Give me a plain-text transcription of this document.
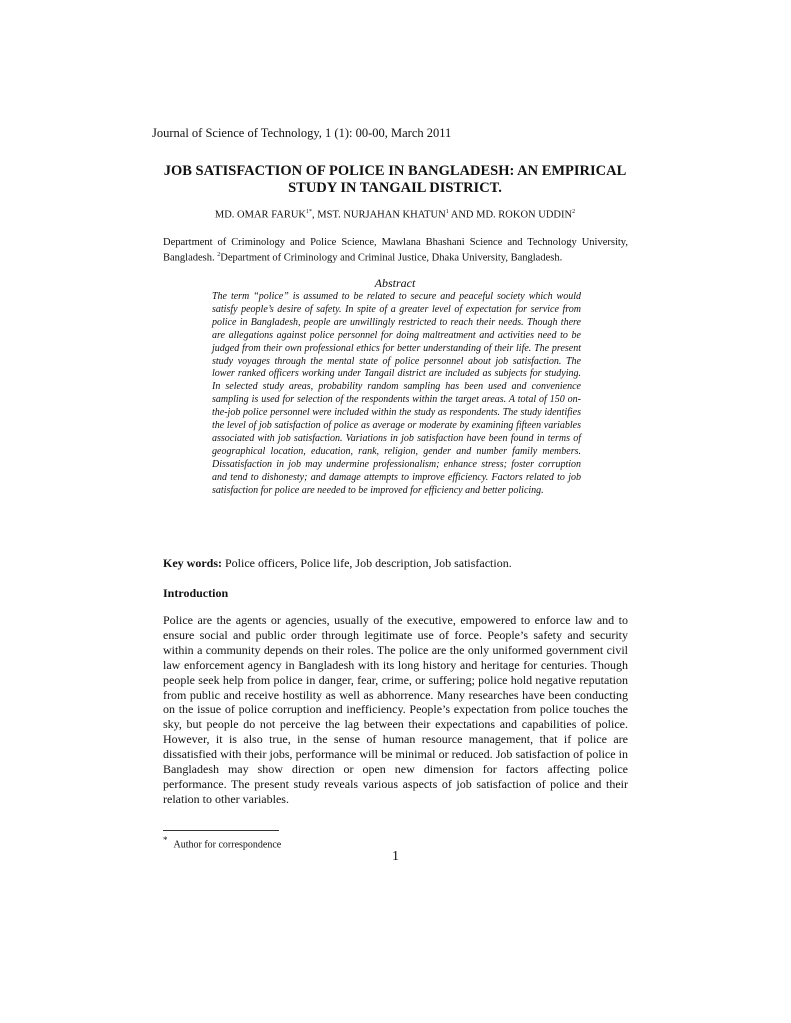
Journal of Science of Technology, 1 (1): 00-00, March 2011
JOB SATISFACTION OF POLICE IN BANGLADESH: AN EMPIRICAL STUDY IN TANGAIL DISTRICT.
MD. OMAR $FARUK^{1*}$, MST. NURJAHAN KHATUN$^1$ AND MD. ROKON UDDIN$^2$
Department of Criminology and Police Science, Mawlana Bhashani Science and Technology University, Bangladesh. $^2$Department of Criminology and Criminal Justice, Dhaka University, Bangladesh.
Abstract
The term “police” is assumed to be related to secure and peaceful society which would satisfy people’s desire of safety. In spite of a greater level of expectation for service from police in Bangladesh, people are unwillingly restricted to reach their needs. Though there are allegations against police personnel for doing maltreatment and activities need to be judged from their own professional ethics for better understanding of their life. The present study voyages through the mental state of police personnel about job satisfaction. The lower ranked officers working under Tangail district are included as subjects for studying. In selected study areas, probability random sampling has been used and convenience sampling is used for selection of the respondents within the target areas. A total of 150 on-the-job police personnel were included within the study as respondents. The study identifies the level of job satisfaction of police as average or moderate by examining fifteen variables associated with job satisfaction. Variations in job satisfaction have been found in terms of geographical location, education, rank, religion, gender and number family members. Dissatisfaction in job may undermine professionalism; enhance stress; foster corruption and tend to dishonesty; and damage attempts to improve efficiency. Factors related to job satisfaction for police are needed to be improved for efficiency and better policing.
Key words: Police officers, Police life, Job description, Job satisfaction.
Introduction
Police are the agents or agencies, usually of the executive, empowered to enforce law and to ensure social and public order through legitimate use of force. People’s safety and security within a community depends on their roles. The police are the only uniformed government civil law enforcement agency in Bangladesh with its long history and heritage for centuries. Though people seek help from police in danger, fear, crime, or suffering; police hold negative reputation from public and receive hostility as well as abhorrence. Many researches have been conducting on the issue of police corruption and inefficiency. People’s expectation from police touches the sky, but people do not perceive the lag between their expectations and capabilities of police. However, it is also true, in the sense of human resource management, that if police are dissatisfied with their jobs, performance will be minimal or reduced. Job satisfaction of police in Bangladesh may show direction or open new dimension for factors affecting police performance. The present study reveals various aspects of job satisfaction of police and their relation to other variables.
* Author for correspondence
1
